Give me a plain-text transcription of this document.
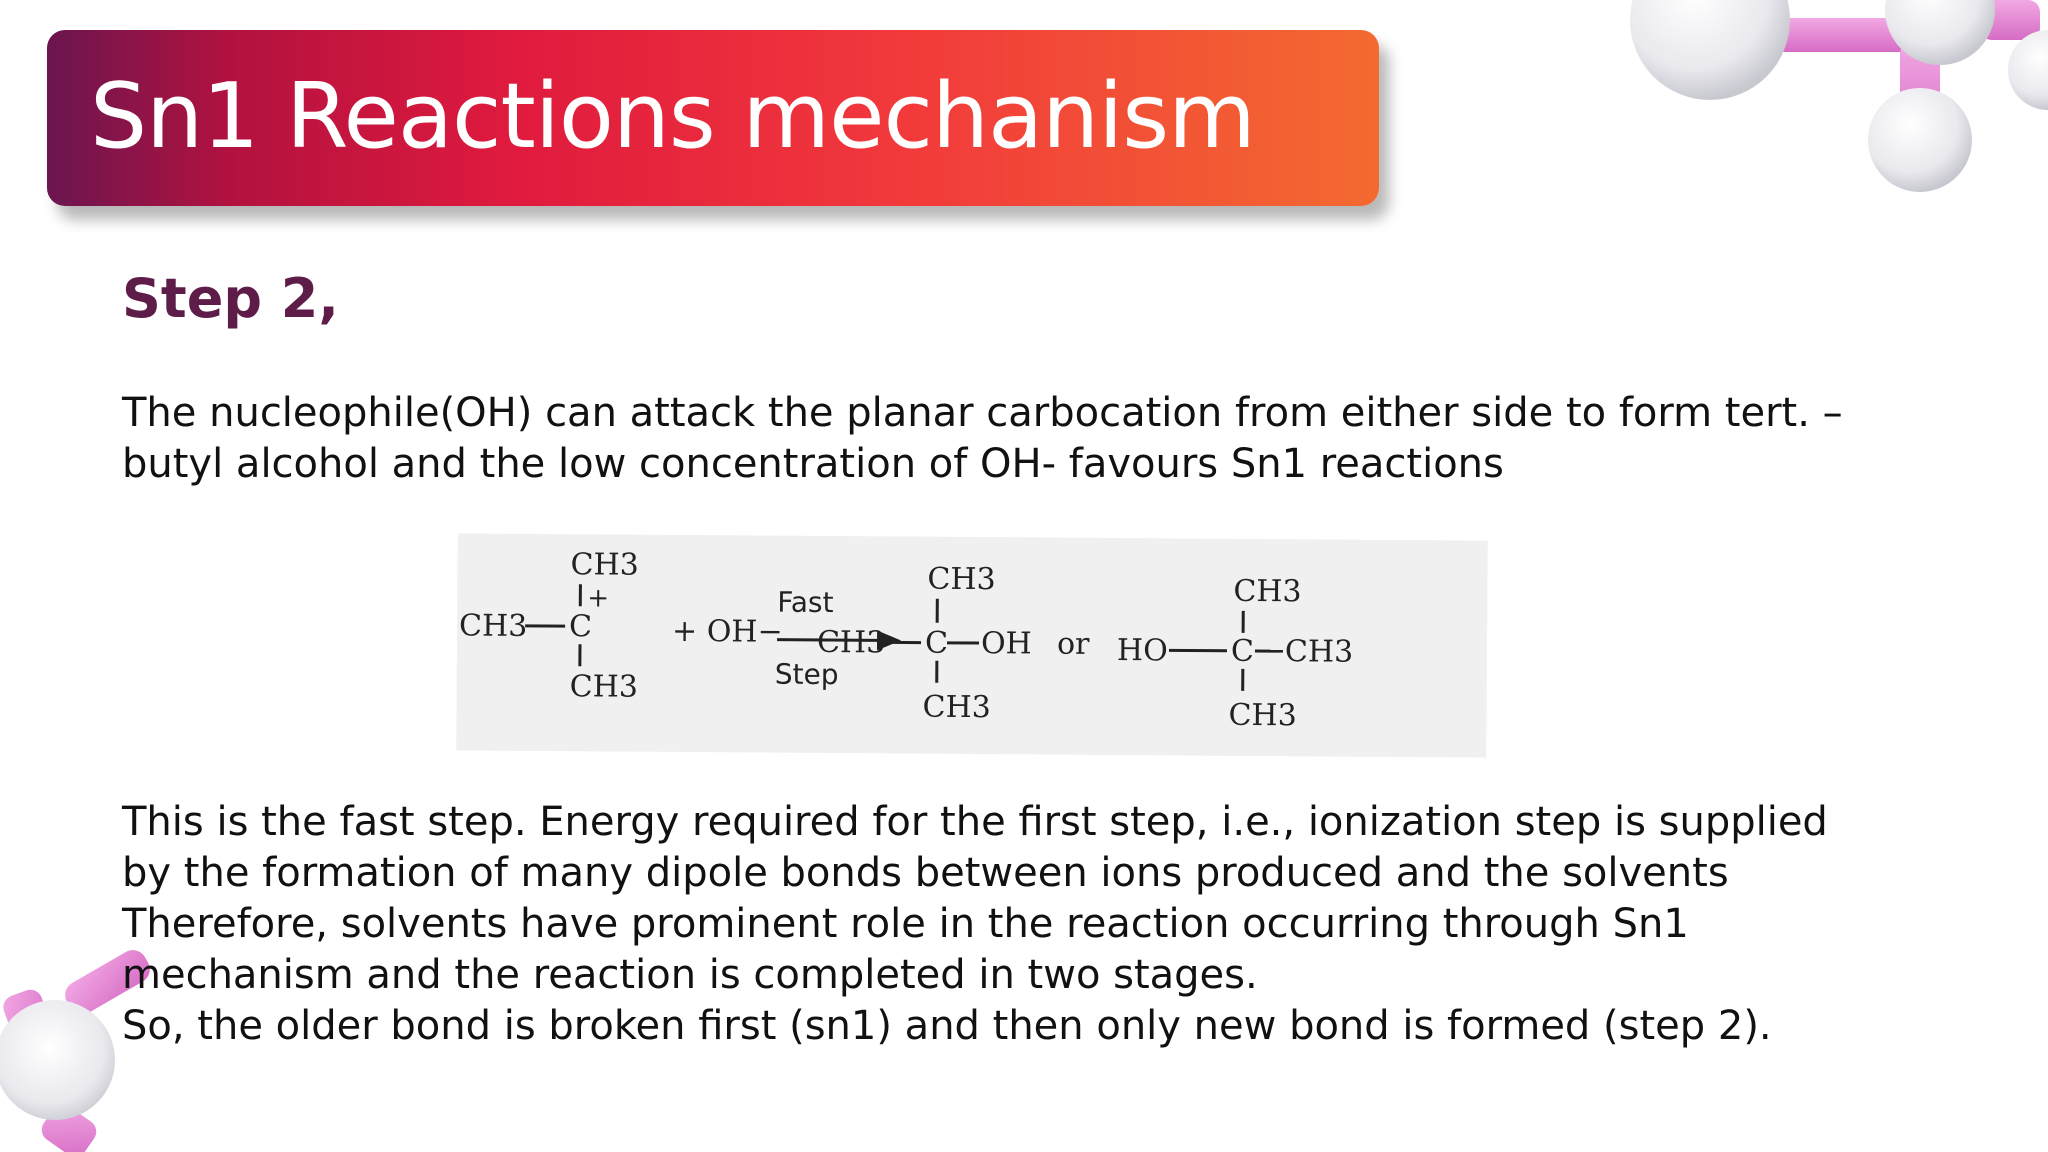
Sn1 Reactions mechanism
Step 2,
The nucleophile(OH) can attack the planar carbocation from either side to form tert. –
butyl alcohol and the low concentration of OH- favours Sn1 reactions
CH3
+
CH3 C
CH3
+ OH−
Fast
Step
CH3
CH3 C OH
CH3
or
CH3
HO C CH3
CH3
This is the fast step. Energy required for the first step, i.e., ionization step is supplied
by the formation of many dipole bonds between ions produced and the solvents
Therefore, solvents have prominent role in the reaction occurring through Sn1
mechanism and the reaction is completed in two stages.
So, the older bond is broken first (sn1) and then only new bond is formed (step 2).
